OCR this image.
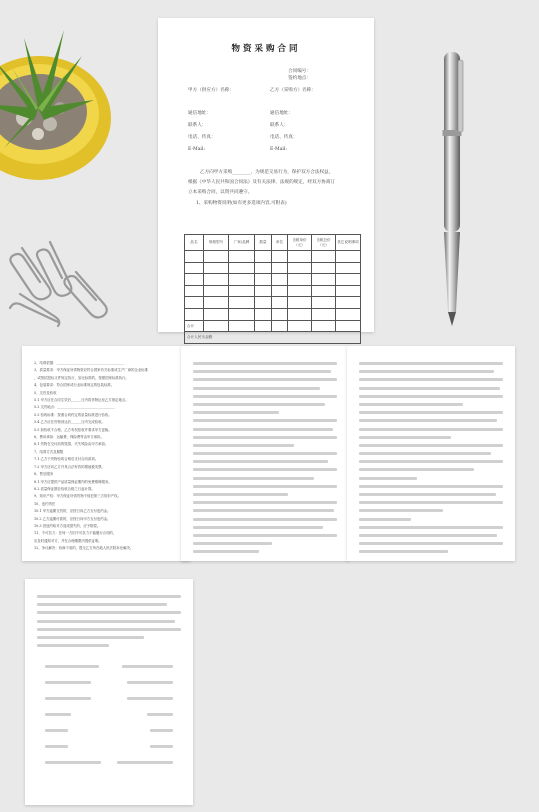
物资采购合同
合同编号：
签约地点：
甲方（供应方）名称：	乙方（采购方）名称：
通信地址：	通信地址：
联系人：	联系人：
电话、传真：	电话、传真：
E-Mail:	E-Mail:
乙方向甲方采购________，为规范交易行为，保护双方合法权益，
根据《中华人民共和国合同法》及有关法律、法规的规定，经双方协商订
立本采购合同，以资共同遵守。
1、采购物资说明(如有更多选项内容,可附表)
品名	规格型号	厂家\品牌	数量	单位	含税单价（元）	含税总价（元）	其它说明事项

合计							
合计人民币金额：							
2、结算依据：________________________________________
3、质量要求：甲方保证所供物资应符合国家有关标准或生产厂商的企业标准
，或按招投标文件规定执行，如无标准的，按照国家标准执行。
4、包装要求：符合国家或行业标准规定的包装标准。
5、交货及验收
5.1 甲方应在合同生效后______日内将货物运至乙方指定地点。
5.2 交货地点：__________________________________
5.3 验收标准：按照合同约定的质量标准进行验收。
5.4 乙方应在货物到达后______日内完成验收。
5.5 如验收不合格，乙方有权拒收并要求甲方更换。
6、费用承担：运输费、保险费等由甲方承担。
6.1 货物在交付前的毁损、灭失风险由甲方承担。
7、结算方式及期限
7.1 乙方于货物验收合格后支付合同款项。
7.2 甲方应向乙方开具合法有效的增值税发票。
8、售后服务
8.1 甲方应提供产品质量保证期内的免费维修服务。
8.2 质量保证期自验收合格之日起计算。
9、知识产权：甲方保证所供货物不侵犯第三方知识产权。
10、违约责任
10.1 甲方逾期交货的，应按日向乙方支付违约金。
10.2 乙方逾期付款的，应按日向甲方支付违约金。
10.3 因违约给对方造成损失的，应予赔偿。
11、不可抗力：任何一方因不可抗力不能履行合同的，
应及时通知对方，并在合理期限内提供证明。
12、争议解决：协商不成的，提交乙方所在地人民法院诉讼解决。
